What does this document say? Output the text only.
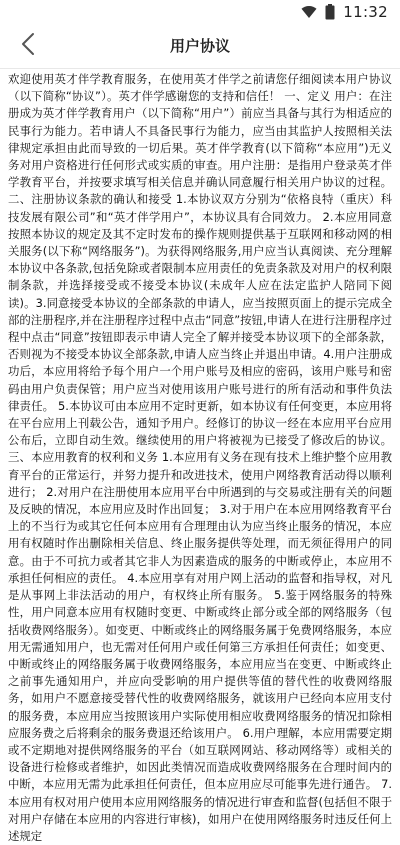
11:32
用户协议

欢迎使用英才伴学教育服务，在使用英才伴学之前请您仔细阅读本用户协议（以下简称“协议”）。英才伴学感谢您的支持和信任！ 一、定义 用户：在注册成为英才伴学教育用户（以下简称“用户”）前应当具备与其行为相适应的民事行为能力。若申请人不具备民事行为能力，应当由其监护人按照相关法律规定承担由此而导致的一切后果。英才伴学教育(以下简称“本应用”)无义务对用户资格进行任何形式或实质的审查。用户注册：是指用户登录英才伴学教育平台，并按要求填写相关信息并确认同意履行相关用户协议的过程。 二、注册协议条款的确认和接受 1.本协议双方分别为“依格良特（重庆）科技发展有限公司”和“英才伴学用户”，本协议具有合同效力。 2.本应用同意按照本协议的规定及其不定时发布的操作规则提供基于互联网和移动网的相关服务(以下称“网络服务”)。为获得网络服务,用户应当认真阅读、充分理解本协议中各条款,包括免除或者限制本应用责任的免责条款及对用户的权利限制条款，并选择接受或不接受本协议(未成年人应在法定监护人陪同下阅读)。3.同意接受本协议的全部条款的申请人，应当按照页面上的提示完成全部的注册程序,并在注册程序过程中点击“同意”按钮,申请人在进行注册程序过程中点击“同意”按钮即表示申请人完全了解并接受本协议项下的全部条款，否则视为不接受本协议全部条款,申请人应当终止并退出申请。4.用户注册成功后，本应用将给予每个用户一个用户账号及相应的密码，该用户账号和密码由用户负责保管；用户应当对使用该用户账号进行的所有活动和事件负法律责任。 5.本协议可由本应用不定时更新，如本协议有任何变更，本应用将在平台应用上刊载公告，通知予用户。经修订的协议一经在本应用平台应用公布后，立即自动生效。继续使用的用户将被视为已接受了修改后的协议。 三、本应用教育的权利和义务 1.本应用有义务在现有技术上维护整个应用教育平台的正常运行，并努力提升和改进技术，使用户网络教育活动得以顺利进行； 2.对用户在注册使用本应用平台中所遇到的与交易或注册有关的问题及反映的情况，本应用应及时作出回复； 3.对于用户在本应用网络教育平台上的不当行为或其它任何本应用有合理理由认为应当终止服务的情况，本应用有权随时作出删除相关信息、终止服务提供等处理，而无须征得用户的同意。由于不可抗力或者其它非人为因素造成的服务的中断或停止，本应用不承担任何相应的责任。 4.本应用享有对用户网上活动的监督和指导权，对凡是从事网上非法活动的用户，有权终止所有服务。 5.鉴于网络服务的特殊性，用户同意本应用有权随时变更、中断或终止部分或全部的网络服务（包括收费网络服务）。如变更、中断或终止的网络服务属于免费网络服务，本应用无需通知用户，也无需对任何用户或任何第三方承担任何责任；如变更、中断或终止的网络服务属于收费网络服务，本应用应当在变更、中断或终止之前事先通知用户，并应向受影响的用户提供等值的替代性的收费网络服务，如用户不愿意接受替代性的收费网络服务，就该用户已经向本应用支付的服务费，本应用应当按照该用户实际使用相应收费网络服务的情况扣除相应服务费之后将剩余的服务费退还给该用户。 6.用户理解，本应用需要定期或不定期地对提供网络服务的平台（如互联网网站、移动网络等）或相关的设备进行检修或者维护，如因此类情况而造成收费网络服务在合理时间内的中断，本应用无需为此承担任何责任，但本应用应尽可能事先进行通告。 7.本应用有权对用户使用本应用网络服务的情况进行审查和监督(包括但不限于对用户存储在本应用的内容进行审核)，如用户在使用网络服务时违反任何上述规定
